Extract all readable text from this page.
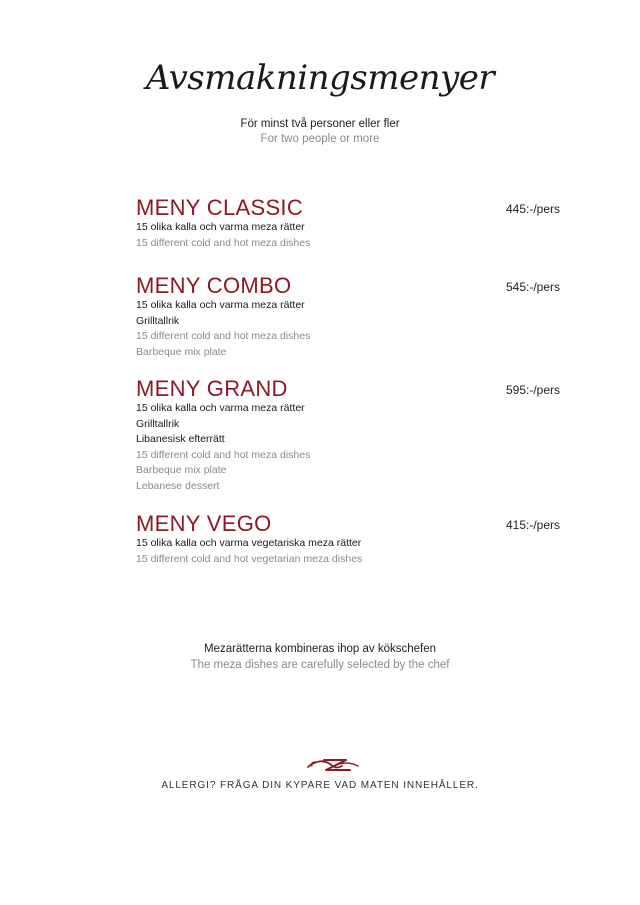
Avsmakningsmenyer
För minst två personer eller fler
For two people or more
MENY CLASSIC	445:-/pers
15 olika kalla och varma meza rätter
15 different cold and hot meza dishes
MENY COMBO	545:-/pers
15 olika kalla och varma meza rätter
Grilltallrik
15 different cold and hot meza dishes
Barbeque mix plate
MENY GRAND	595:-/pers
15 olika kalla och varma meza rätter
Grilltallrik
Libanesisk efterrätt
15 different cold and hot meza dishes
Barbeque mix plate
Lebanese dessert
MENY VEGO	415:-/pers
15 olika kalla och varma vegetariska meza rätter
15 different cold and hot vegetarian meza dishes
Mezarätterna kombineras ihop av kökschefen
The meza dishes are carefully selected by the chef
ALLERGI? FRÅGA DIN KYPARE VAD MATEN INNEHÅLLER.
